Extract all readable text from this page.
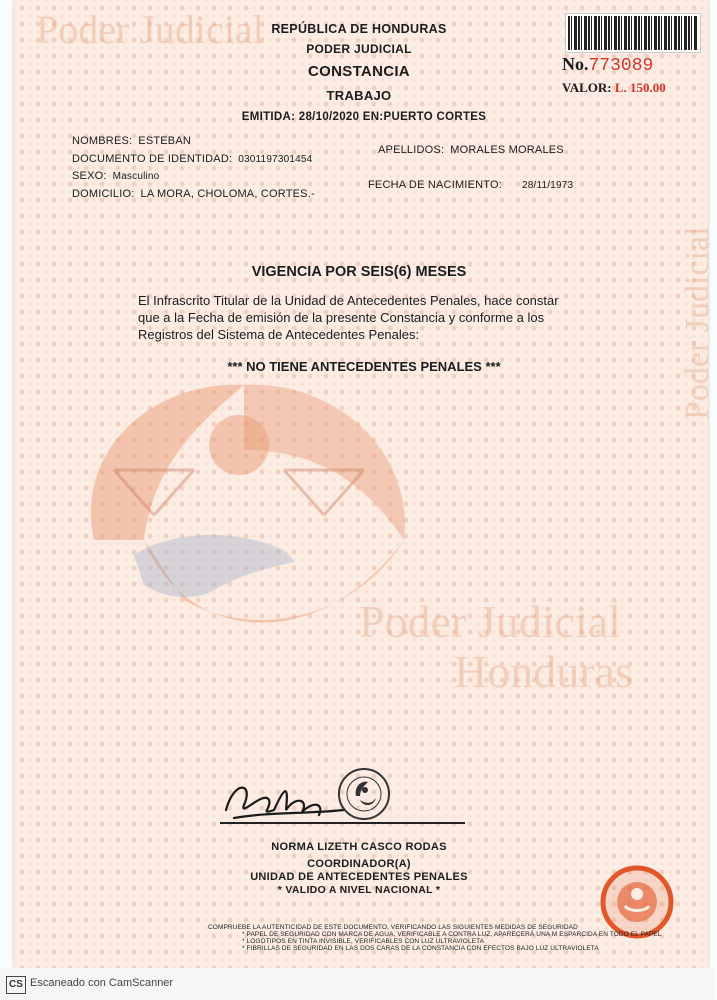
Poder Judicial
Poder Judicial
Poder Judicial
Honduras
REPÚBLICA DE HONDURAS
PODER JUDICIAL
CONSTANCIA
TRABAJO
EMITIDA: 28/10/2020 EN:PUERTO CORTES
No.773089
VALOR: L. 150.00
NOMBRES: ESTEBAN
DOCUMENTO DE IDENTIDAD: 0301197301454
SEXO: Masculino
DOMICILIO: LA MORA, CHOLOMA, CORTES.-
APELLIDOS: MORALES MORALES
FECHA DE NACIMIENTO: 28/11/1973
VIGENCIA POR SEIS(6) MESES
El Infrascrito Titular de la Unidad de Antecedentes Penales, hace constar
que a la Fecha de emisión de la presente Constancia y conforme a los
Registros del Sistema de Antecedentes Penales:
*** NO TIENE ANTECEDENTES PENALES ***
NORMA LIZETH CASCO RODAS
COORDINADOR(A)
UNIDAD DE ANTECEDENTES PENALES
* VALIDO A NIVEL NACIONAL *
COMPRUEBE LA AUTENTICIDAD DE ESTE DOCUMENTO, VERIFICANDO LAS SIGUIENTES MEDIDAS DE SEGURIDAD
* PAPEL DE SEGURIDAD CON MARCA DE AGUA, VERIFICABLE A CONTRA LUZ, APARECERÁ UNA M ESPARCIDA EN TODO EL PAPEL
* LOGOTIPOS EN TINTA INVISIBLE, VERIFICABLES CON LUZ ULTRAVIOLETA
* FIBRILLAS DE SEGURIDAD EN LAS DOS CARAS DE LA CONSTANCIA CON EFECTOS BAJO LUZ ULTRAVIOLETA
CS Escaneado con CamScanner
